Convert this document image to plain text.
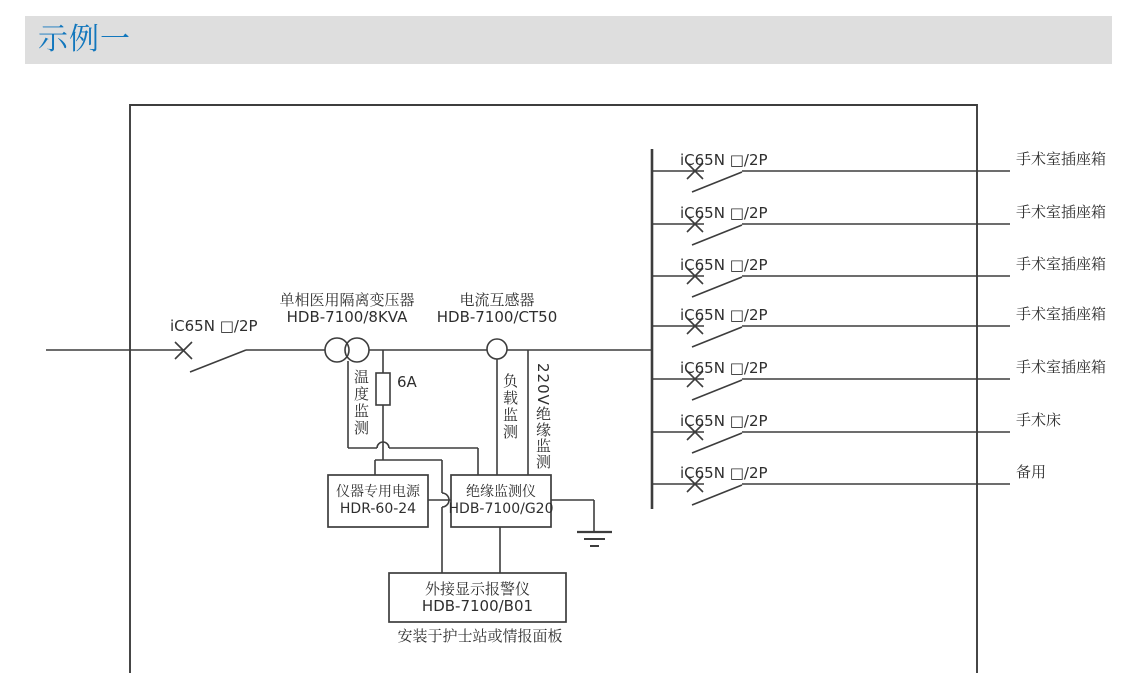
示例一
iC65N □/2P
单相医用隔离变压器
HDB-7100/8KVA
电流互感器
HDB-7100/CT50
6A
温度监测	负载监测 220V绝缘监测
仪器专用电源
HDR-60-24
绝缘监测仪
HDB-7100/G20
外接显示报警仪
HDB-7100/B01
安装于护士站或情报面板
iC65N □/2P	手术室插座箱
iC65N □/2P	手术室插座箱
iC65N □/2P	手术室插座箱
iC65N □/2P	手术室插座箱
iC65N □/2P	手术室插座箱
iC65N □/2P	手术床
iC65N □/2P	备用
